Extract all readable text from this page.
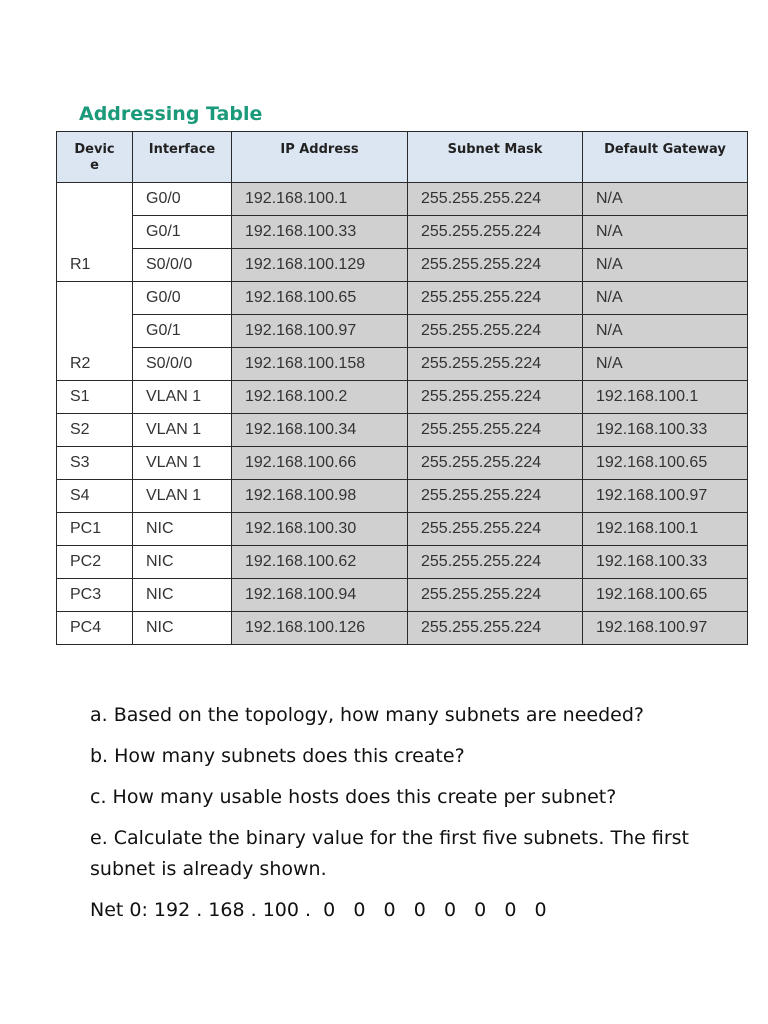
Addressing Table
Devic e	Interface	IP Address	Subnet Mask	Default Gateway
R1	G0/0	192.168.100.1	255.255.255.224	N/A
	G0/1	192.168.100.33	255.255.255.224	N/A
	S0/0/0	192.168.100.129	255.255.255.224	N/A
R2	G0/0	192.168.100.65	255.255.255.224	N/A
	G0/1	192.168.100.97	255.255.255.224	N/A
	S0/0/0	192.168.100.158	255.255.255.224	N/A
S1	VLAN 1	192.168.100.2	255.255.255.224	192.168.100.1
S2	VLAN 1	192.168.100.34	255.255.255.224	192.168.100.33
S3	VLAN 1	192.168.100.66	255.255.255.224	192.168.100.65
S4	VLAN 1	192.168.100.98	255.255.255.224	192.168.100.97
PC1	NIC	192.168.100.30	255.255.255.224	192.168.100.1
PC2	NIC	192.168.100.62	255.255.255.224	192.168.100.33
PC3	NIC	192.168.100.94	255.255.255.224	192.168.100.65
PC4	NIC	192.168.100.126	255.255.255.224	192.168.100.97

a. Based on the topology, how many subnets are needed?

b. How many subnets does this create?

c. How many usable hosts does this create per subnet?

e. Calculate the binary value for the first five subnets. The first subnet is already shown.

Net 0: 192 . 168 . 100 .  0   0   0   0   0   0   0   0
